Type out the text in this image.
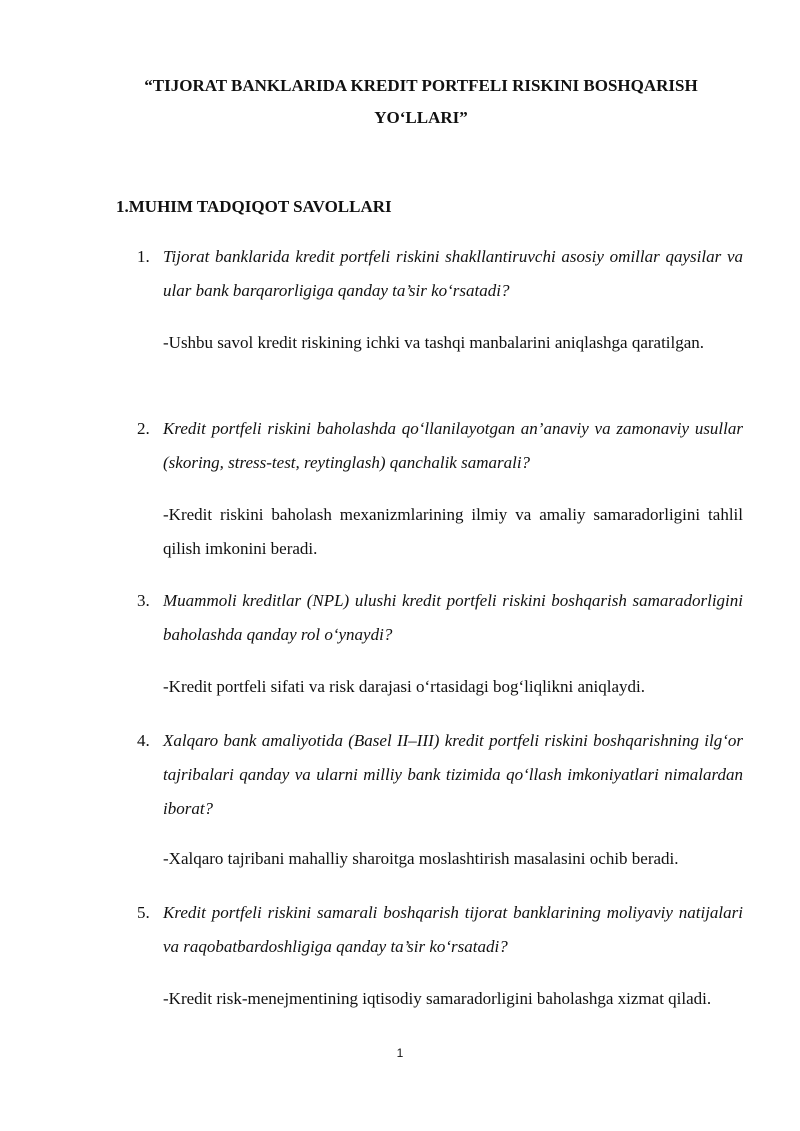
“TIJORAT BANKLARIDA KREDIT PORTFELI RISKINI BOSHQARISH YO‘LLARI”
1.MUHIM TADQIQOT SAVOLLARI
1. Tijorat banklarida kredit portfeli riskini shakllantiruvchi asosiy omillar qaysilar va ular bank barqarorligiga qanday ta’sir ko‘rsatadi?

-Ushbu savol kredit riskining ichki va tashqi manbalarini aniqlashga qaratilgan.

2. Kredit portfeli riskini baholashda qo‘llanilayotgan an’anaviy va zamonaviy usullar (skoring, stress-test, reytinglash) qanchalik samarali?

-Kredit riskini baholash mexanizmlarining ilmiy va amaliy samaradorligini tahlil qilish imkonini beradi.

3. Muammoli kreditlar (NPL) ulushi kredit portfeli riskini boshqarish samaradorligini baholashda qanday rol o‘ynaydi?

-Kredit portfeli sifati va risk darajasi o‘rtasidagi bog‘liqlikni aniqlaydi.

4. Xalqaro bank amaliyotida (Basel II–III) kredit portfeli riskini boshqarishning ilg‘or tajribalari qanday va ularni milliy bank tizimida qo‘llash imkoniyatlari nimalardan iborat?

-Xalqaro tajribani mahalliy sharoitga moslashtirish masalasini ochib beradi.

5. Kredit portfeli riskini samarali boshqarish tijorat banklarining moliyaviy natijalari va raqobatbardoshligiga qanday ta’sir ko‘rsatadi?

-Kredit risk-menejmentining iqtisodiy samaradorligini baholashga xizmat qiladi.

1
